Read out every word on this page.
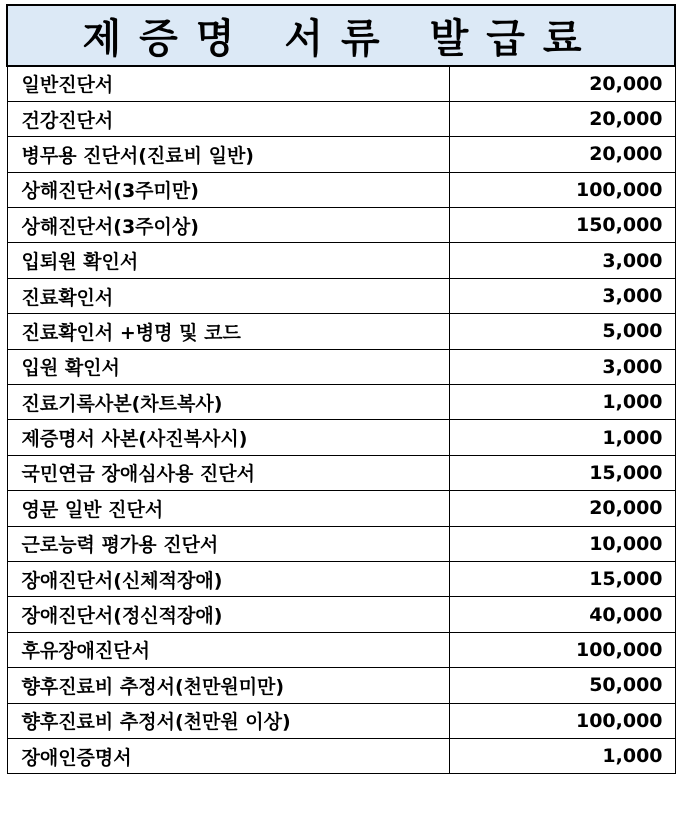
제증명 서류 발급료	
일반진단서	20,000
건강진단서	20,000
병무용 진단서(진료비 일반)	20,000
상해진단서(3주미만)	100,000
상해진단서(3주이상)	150,000
입퇴원 확인서	3,000
진료확인서	3,000
진료확인서 +병명 및 코드	5,000
입원 확인서	3,000
진료기록사본(차트복사)	1,000
제증명서 사본(사진복사시)	1,000
국민연금 장애심사용 진단서	15,000
영문 일반 진단서	20,000
근로능력 평가용 진단서	10,000
장애진단서(신체적장애)	15,000
장애진단서(정신적장애)	40,000
후유장애진단서	100,000
향후진료비 추정서(천만원미만)	50,000
향후진료비 추정서(천만원 이상)	100,000
장애인증명서	1,000
